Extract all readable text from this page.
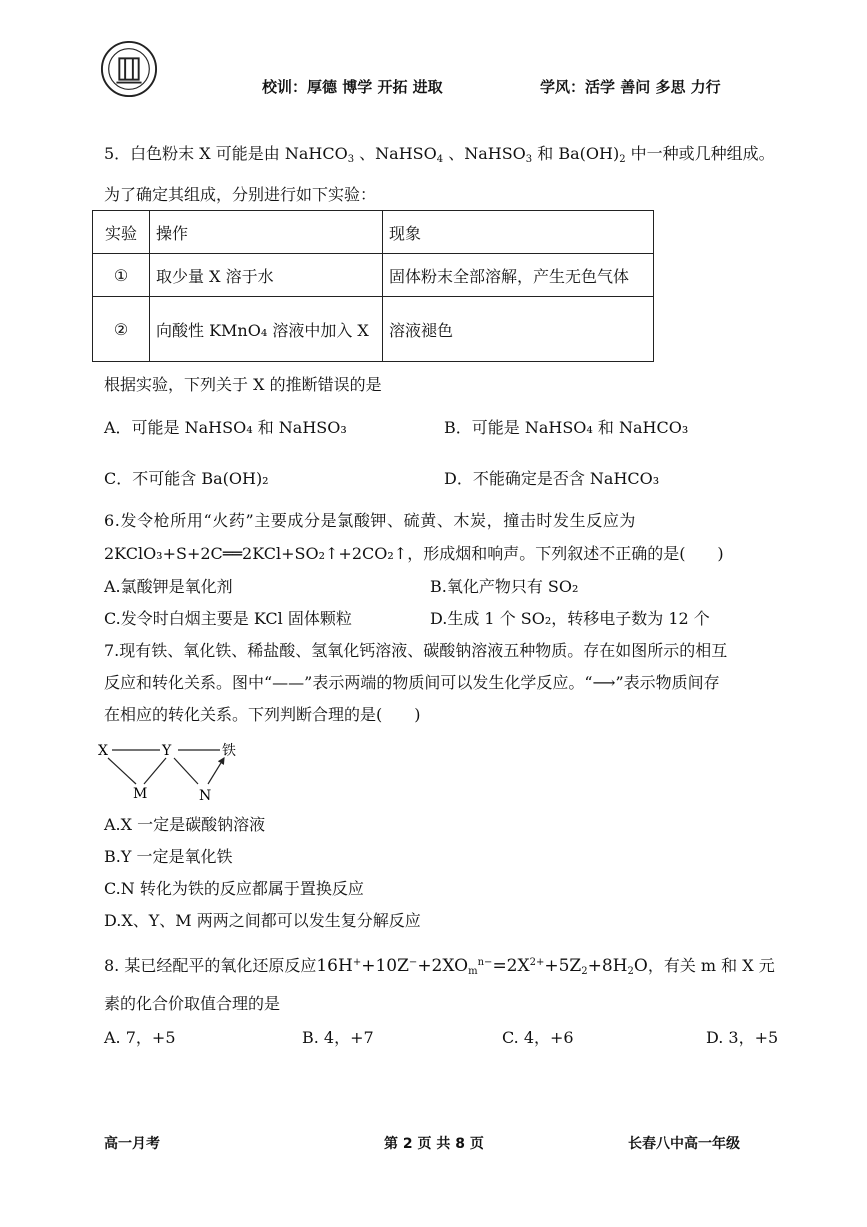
校训：厚德 博学 开拓 进取	学风：活学 善问 多思 力行
5．白色粉末 X 可能是由 NaHCO$_3$ 、NaHSO$_4$ 、NaHSO$_3$ 和 $Ba(OH)_2$ 中一种或几种组成。
为了确定其组成，分别进行如下实验：
实验	操作	现象
①	取少量 X 溶于水	固体粉末全部溶解，产生无色气体
②	向酸性 KMnO₄ 溶液中加入 X	溶液褪色
根据实验，下列关于 X 的推断错误的是
A．可能是 NaHSO₄ 和 NaHSO₃	B．可能是 NaHSO₄ 和 NaHCO₃
C．不可能含 Ba(OH)₂	D．不能确定是否含 NaHCO₃
6.发令枪所用“火药”主要成分是氯酸钾、硫黄、木炭，撞击时发生反应为
2KClO₃+S+2C══2KCl+SO₂↑+2CO₂↑，形成烟和响声。下列叙述不正确的是(　　)
A.氯酸钾是氧化剂	B.氧化产物只有 SO₂
C.发令时白烟主要是 KCl 固体颗粒	D.生成 1 个 SO₂，转移电子数为 12 个
7.现有铁、氧化铁、稀盐酸、氢氧化钙溶液、碳酸钠溶液五种物质。存在如图所示的相互
反应和转化关系。图中“——”表示两端的物质间可以发生化学反应。“⟶”表示物质间存
在相应的转化关系。下列判断合理的是(　　)
X	Y	铁
M	N
A.X 一定是碳酸钠溶液
B.Y 一定是氧化铁
C.N 转化为铁的反应都属于置换反应
D.X、Y、M 两两之间都可以发生复分解反应
8. 某已经配平的氧化还原反应$16H^++10Z^-+2XO_m^{n-}=2X^{2+}+5Z_2+8H_2O$，有关 m 和 X 元
素的化合价取值合理的是
A. 7，+5	B. 4，+7	C. 4，+6	D. 3，+5
高一月考	第 2 页 共 8 页	长春八中高一年级
